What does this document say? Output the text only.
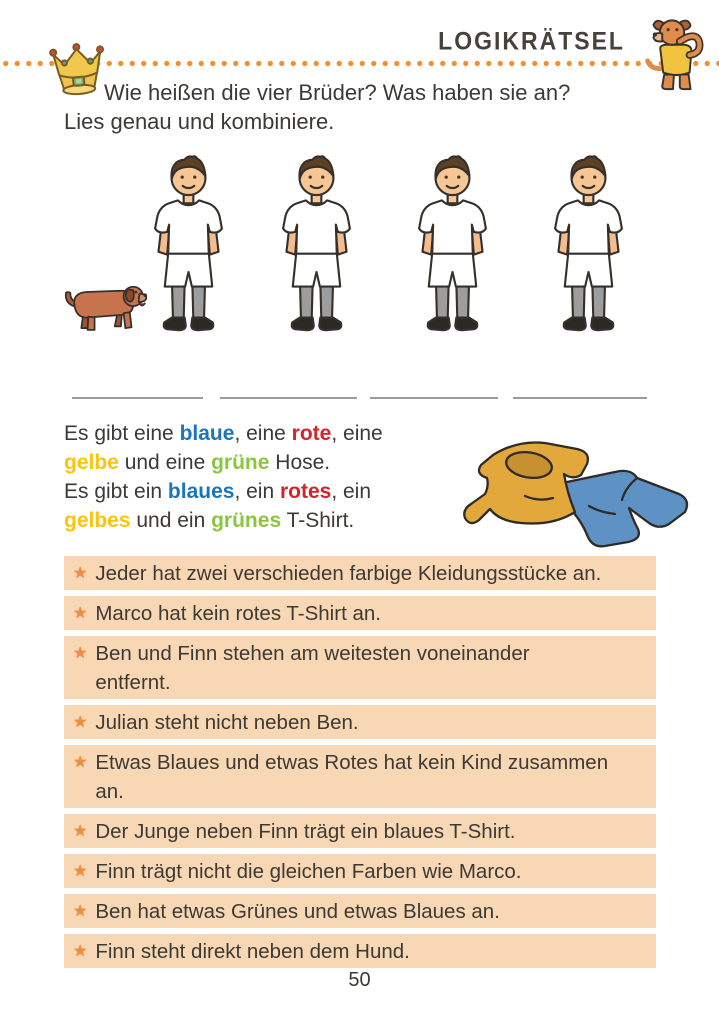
LOGIKRÄTSEL
Wie heißen die vier Brüder? Was haben sie an?
Lies genau und kombiniere.
Es gibt eine blaue, eine rote, eine
gelbe und eine grüne Hose.
Es gibt ein blaues, ein rotes, ein
gelbes und ein grünes T-Shirt.
★ Jeder hat zwei verschieden farbige Kleidungsstücke an.
★ Marco hat kein rotes T-Shirt an.
★ Ben und Finn stehen am weitesten voneinander
entfernt.
★ Julian steht nicht neben Ben.
★ Etwas Blaues und etwas Rotes hat kein Kind zusammen
an.
★ Der Junge neben Finn trägt ein blaues T-Shirt.
★ Finn trägt nicht die gleichen Farben wie Marco.
★ Ben hat etwas Grünes und etwas Blaues an.
★ Finn steht direkt neben dem Hund.
50
